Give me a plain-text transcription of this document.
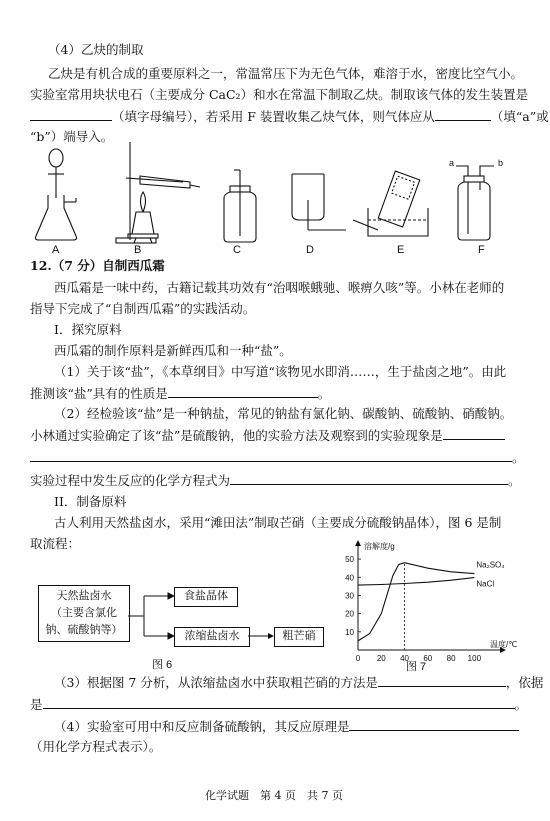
（4）乙炔的制取
乙炔是有机合成的重要原料之一，常温常压下为无色气体，难溶于水，密度比空气小。
实验室常用块状电石（主要成分 CaC₂）和水在常温下制取乙炔。制取该气体的发生装置是
（填字母编号），若采用 F 装置收集乙炔气体，则气体应从	（填“a”或
“b”）端导入。
a	b
A	B	C	D	E	F
12.（7 分）自制西瓜霜
西瓜霜是一味中药，古籍记载其功效有“治咽喉蛾驰、喉痹久咳”等。小林在老师的
指导下完成了“自制西瓜霜”的实践活动。
I．探究原料
西瓜霜的制作原料是新鲜西瓜和一种“盐”。
（1）关于该“盐”，《本草纲目》中写道“该物见水即消……，生于盐卤之地”。由此
推测该“盐”具有的性质是	。
（2）经检验该“盐”是一种钠盐，常见的钠盐有氯化钠、碳酸钠、硫酸钠、硝酸钠。
小林通过实验确定了该“盐”是硫酸钠，他的实验方法及观察到的实验现象是
。
实验过程中发生反应的化学方程式为	。
II．制备原料
古人利用天然盐卤水，采用“滩田法”制取芒硝（主要成分硫酸钠晶体），图 6 是制
取流程：
天然盐卤水
（主要含氯化
钠、硫酸钠等）
食盐晶体
浓缩盐卤水	粗芒硝
图 6
0 20 40 60 80 100
10
20
30
40
50
Na₂SO₄
NaCl
溶解度/g
温度/℃
图 7
（3）根据图 7 分析，从浓缩盐卤水中获取粗芒硝的方法是	，依据
是	。
（4）实验室可用中和反应制备硫酸钠，其反应原理是
（用化学方程式表示）。
化学试题　第 4 页　共 7 页
